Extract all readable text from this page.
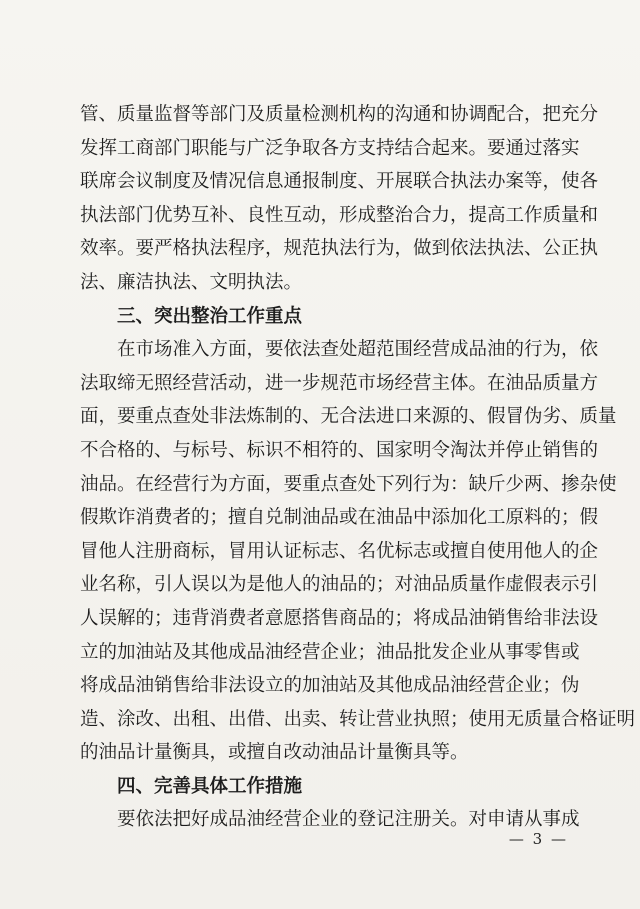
管、质量监督等部门及质量检测机构的沟通和协调配合，把充分
发挥工商部门职能与广泛争取各方支持结合起来。要通过落实
联席会议制度及情况信息通报制度、开展联合执法办案等，使各
执法部门优势互补、良性互动，形成整治合力，提高工作质量和
效率。要严格执法程序，规范执法行为，做到依法执法、公正执
法、廉洁执法、文明执法。
三、突出整治工作重点
在市场准入方面，要依法查处超范围经营成品油的行为，依
法取缔无照经营活动，进一步规范市场经营主体。在油品质量方
面，要重点查处非法炼制的、无合法进口来源的、假冒伪劣、质量
不合格的、与标号、标识不相符的、国家明令淘汰并停止销售的
油品。在经营行为方面，要重点查处下列行为：缺斤少两、掺杂使
假欺诈消费者的；擅自兑制油品或在油品中添加化工原料的；假
冒他人注册商标，冒用认证标志、名优标志或擅自使用他人的企
业名称，引人误以为是他人的油品的；对油品质量作虚假表示引
人误解的；违背消费者意愿搭售商品的；将成品油销售给非法设
立的加油站及其他成品油经营企业；油品批发企业从事零售或
将成品油销售给非法设立的加油站及其他成品油经营企业；伪
造、涂改、出租、出借、出卖、转让营业执照；使用无质量合格证明
的油品计量衡具，或擅自改动油品计量衡具等。
四、完善具体工作措施
要依法把好成品油经营企业的登记注册关。对申请从事成
— 3 —
